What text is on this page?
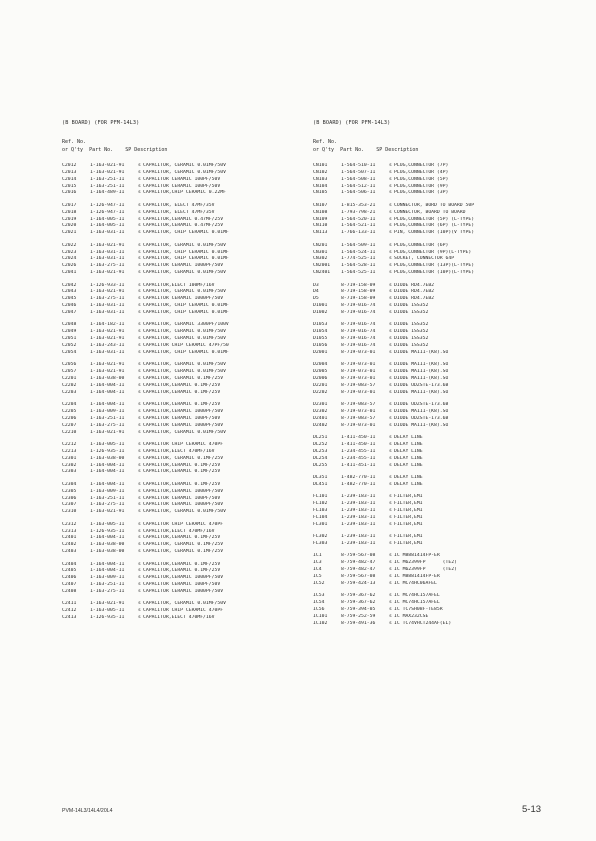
(B BOARD) (FOR PFM-14L3)
Ref. No.
or Q'ty  Part No.    SP Description
C2012	1-163-021-91	s CAPACITOR, CERAMIC 0.01MF/50V
C2013	1-163-021-91	s CAPACITOR, CERAMIC 0.01MF/50V
C2014	1-163-251-11	s CAPACITOR CERAMIC 100PF/50V
C2015	1-163-251-11	s CAPACITOR CERAMIC 100PF/50V
C2016	1-164-489-11	s CAPACITOR,CHIP CERAMIC 0.22MF
C2017	1-126-947-11	s CAPACITOR, ELECT 47MF/35V
C2018	1-126-947-11	s CAPACITOR, ELECT 47MF/35V
C2019	1-164-005-11	s CAPACITOR,CERAMIC 0.47MF/25V
C2020	1-164-005-11	s CAPACITOR,CERAMIC 0.47MF/25V
C2021	1-163-031-11	s CAPACITOR, CHIP CERAMIC 0.01MF
C2022	1-163-021-91	s CAPACITOR, CERAMIC 0.01MF/50V
C2023	1-163-031-11	s CAPACITOR, CHIP CERAMIC 0.01MF
C2024	1-163-031-11	s CAPACITOR, CHIP CERAMIC 0.01MF
C2026	1-163-275-11	s CAPACITOR CERAMIC 1000PF/50V
C2041	1-163-021-91	s CAPACITOR, CERAMIC 0.01MF/50V
C2042	1-126-933-11	s CAPACITOR,ELECT 100MF/16V
C2043	1-163-021-91	s CAPACITOR, CERAMIC 0.01MF/50V
C2045	1-163-275-11	s CAPACITOR CERAMIC 1000PF/50V
C2046	1-163-031-11	s CAPACITOR, CHIP CERAMIC 0.01MF
C2047	1-163-031-11	s CAPACITOR, CHIP CERAMIC 0.01MF
C2048	1-164-182-11	s CAPACITOR, CERAMIC 3300PF/100V
C2049	1-163-021-91	s CAPACITOR, CERAMIC 0.01MF/50V
C2051	1-163-021-91	s CAPACITOR, CERAMIC 0.01MF/50V
C2052	1-163-243-11	s CAPACITOR CHIP CERAMIC 47PF/50
C2054	1-163-031-11	s CAPACITOR, CHIP CERAMIC 0.01MF
C2056	1-163-021-91	s CAPACITOR, CERAMIC 0.01MF/50V
C2057	1-163-021-91	s CAPACITOR, CERAMIC 0.01MF/50V
C2201	1-163-038-00	s CAPACITOR, CERAMIC 0.1MF/25V
C2202	1-164-004-11	s CAPACITOR,CERAMIC 0.1MF/25V
C2203	1-164-004-11	s CAPACITOR,CERAMIC 0.1MF/25V
C2204	1-164-004-11	s CAPACITOR,CERAMIC 0.1MF/25V
C2205	1-163-009-11	s CAPACITOR,CERAMIC 1000PF/50V
C2206	1-163-251-11	s CAPACITOR CERAMIC 100PF/50V
C2207	1-163-275-11	s CAPACITOR CERAMIC 1000PF/50V
C2210	1-163-021-91	s CAPACITOR, CERAMIC 0.01MF/50V
C2212	1-163-005-11	s CAPACITOR CHIP CERAMIC 470PF
C2213	1-126-935-11	s CAPACITOR,ELECT 470MF/16V
C2301	1-163-038-00	s CAPACITOR, CERAMIC 0.1MF/25V
C2302	1-164-004-11	s CAPACITOR,CERAMIC 0.1MF/25V
C2303	1-164-004-11	s CAPACITOR,CERAMIC 0.1MF/25V
C2304	1-164-004-11	s CAPACITOR,CERAMIC 0.1MF/25V
C2305	1-163-009-11	s CAPACITOR,CERAMIC 1000PF/50V
C2306	1-163-251-11	s CAPACITOR CERAMIC 100PF/50V
C2307	1-163-275-11	s CAPACITOR CERAMIC 1000PF/50V
C2310	1-163-021-91	s CAPACITOR, CERAMIC 0.01MF/50V
C2312	1-163-005-11	s CAPACITOR CHIP CERAMIC 470PF
C2313	1-126-935-11	s CAPACITOR,ELECT 470MF/16V
C2401	1-164-004-11	s CAPACITOR,CERAMIC 0.1MF/25V
C2402	1-163-038-00	s CAPACITOR, CERAMIC 0.1MF/25V
C2403	1-163-038-00	s CAPACITOR, CERAMIC 0.1MF/25V
C2404	1-164-004-11	s CAPACITOR,CERAMIC 0.1MF/25V
C2405	1-164-004-11	s CAPACITOR,CERAMIC 0.1MF/25V
C2406	1-163-009-11	s CAPACITOR,CERAMIC 1000PF/50V
C2407	1-163-251-11	s CAPACITOR CERAMIC 100PF/50V
C2408	1-163-275-11	s CAPACITOR CERAMIC 1000PF/50V
C2411	1-163-021-91	s CAPACITOR, CERAMIC 0.01MF/50V
C2412	1-163-005-11	s CAPACITOR CHIP CERAMIC 470PF
C2413	1-126-935-11	s CAPACITOR,ELECT 470MF/16V
(B BOARD) (FOR PFM-14L3)
Ref. No.
or Q'ty  Part No.    SP Description
CN101	1-564-510-11	s PLUG,CONNECTOR (7P)
CN102	1-564-507-11	s PLUG,CONNECTOR (4P)
CN103	1-564-508-11	s PLUG,CONNECTOR (5P)
CN104	1-564-512-11	s PLUG,CONNECTOR (9P)
CN105	1-564-506-11	s PLUG,CONNECTOR (3P)
CN107	1-815-353-21	s CONNECTOR, BORD TO BOARD 50P
CN108	1-793-798-21	s CONNECTOR, BOARD TO BOARD
CN109	1-564-520-11	s PLUG,CONNECTOR (5P) (L-TYPE)
CN110	1-564-521-11	s PLUG,CONNECTOR (6P) (L-TYPE)
CN113	1-766-133-11	s PIN, CONNECTOR (10P)(V TYPE)
CN201	1-564-509-11	s PLUG,CONNECTOR (6P)
CN301	1-564-524-11	s PLUG,CONNECTOR (9P)(L-TYPE)
CN302	1-774-525-11	s SOCKET, CONNECTOR 64P
CN2001 1-564-528-11	s PLUG,CONNECTOR (13P)(L-TYPE)
CN2401 1-564-525-11	s PLUG,CONNECTOR (10P)(L-TYPE)
D3	8-719-158-09	s DIODE RD4.7EB2
D4	8-719-158-09	s DIODE RD4.7EB2
D5	8-719-158-09	s DIODE RD4.7EB2
D1001	8-719-016-74	s DIODE 1SS352
D1002	8-719-016-74	s DIODE 1SS352
D1053	8-719-016-74	s DIODE 1SS352
D1054	8-719-016-74	s DIODE 1SS352
D1055	8-719-016-74	s DIODE 1SS352
D1056	8-719-016-74	s DIODE 1SS352
D2001	8-719-073-01	s DIODE MA111-(K8).SO
D2004	8-719-073-01	s DIODE MA111-(K8).SO
D2005	8-719-073-01	s DIODE MA111-(K8).SO
D2006	8-719-073-01	s DIODE MA111-(K8).SO
D2201	8-719-083-57	s DIODE UDZSTE-173.6B
D2202	8-719-073-01	s DIODE MA111-(K8).SO
D2301	8-719-083-57	s DIODE UDZSTE-173.6B
D2302	8-719-073-01	s DIODE MA111-(K8).SO
D2401	8-719-083-57	s DIODE UDZSTE-173.6B
D2402	8-719-073-01	s DIODE MA111-(K8).SO
DL251	1-411-450-11	s DELAY LINE
DL252	1-411-450-11	s DELAY LINE
DL253	1-234-455-11	s DELAY LINE
DL254	1-234-455-11	s DELAY LINE
DL255	1-411-451-11	s DELAY LINE
DL351	1-482-770-11	s DELAY LINE
DL451	1-482-770-11	s DELAY LINE
FL101	1-239-183-11	s FILTER,EMI
FL102	1-239-183-11	s FILTER,EMI
FL103	1-239-183-11	s FILTER,EMI
FL104	1-239-183-11	s FILTER,EMI
FL301	1-239-183-11	s FILTER,EMI
FL302	1-239-183-11	s FILTER,EMI
FL303	1-239-183-11	s FILTER,EMI
IC1	8-759-567-08	s IC M8881414FP-ER
IC3	8-759-482-47	s IC M62399FP      (TE2)
IC4	8-759-482-47	s IC M62399FP      (TE2)
IC5	8-759-567-08	s IC M8881414FP-ER
IC52	8-759-424-13	s IC MC74HC06AFEL
IC53	8-759-367-62	s IC MC74HC157AFEL
IC54	8-759-367-62	s IC MC74HC157AFEL
IC56	8-759-394-05	s IC TC7SH08F-TE85R
IC101	8-759-252-59	s IC MAX232CSE
IC102	8-759-491-36	s IC TC74VHCT244AF(EL)
PVM-14L3/14L4/20L4	5-13
